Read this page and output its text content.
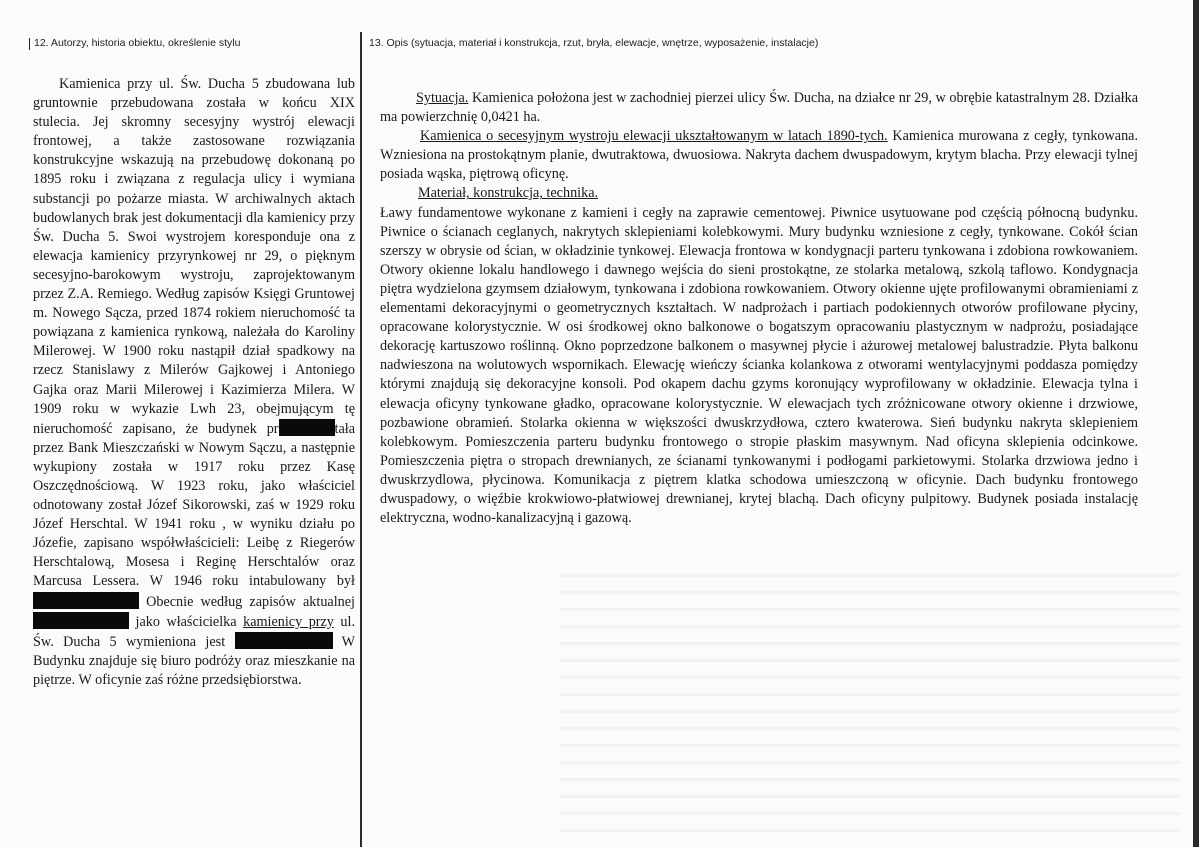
12. Autorzy, historia obiektu, określenie stylu	13. Opis (sytuacja, materiał i konstrukcja, rzut, bryła, elewacje, wnętrze, wyposażenie, instalacje)
Kamienica przy ul. Św. Ducha 5 zbudowana lub gruntownie przebudowana została w końcu XIX stulecia. Jej skromny secesyjny wystrój elewacji frontowej, a także zastosowane rozwiązania konstrukcyjne wskazują na przebudowę dokonaną po 1895 roku i związana z regulacja ulicy i wymiana substancji po pożarze miasta. W archiwalnych aktach budowlanych brak jest dokumentacji dla kamienicy przy Św. Ducha 5. Swoi wystrojem koresponduje ona z elewacja kamienicy przyrynkowej nr 29, o pięknym secesyjno-barokowym wystroju, zaprojektowanym przez Z.A. Remiego. Według zapisów Księgi Gruntowej m. Nowego Sącza, przed 1874 rokiem nieruchomość ta powiązana z kamienica rynkową, należała do Karoliny Milerowej. W 1900 roku nastąpił dział spadkowy na rzecz Stanislawy z Milerów Gajkowej i Antoniego Gajka oraz Marii Milerowej i Kazimierza Milera. W 1909 roku w wykazie Lwh 23, obejmującym tę nieruchomość zapisano, że budynek pr	tała przez Bank Mieszczański w Nowym Sączu, a następnie wykupiony została w 1917 roku przez Kasę Oszczędnościową. W 1923 roku, jako właściciel odnotowany został Józef Sikorowski, zaś w 1929 roku Józef Herschtal. W 1941 roku , w wyniku działu po Józefie, zapisano współwłaścicieli: Leibę z Riegerów Herschtalową, Mosesa i Reginę Herschtalów oraz Marcusa Lessera. W 1946 roku intabulowany był  Obecnie według zapisów aktualnej  jako właścicielka kamienicy przy ul. Św. Ducha 5 wymieniona jest	W Budynku znajduje się biuro podróży oraz mieszkanie na piętrze. W oficynie zaś różne przedsiębiorstwa.

Sytuacja. Kamienica położona jest w zachodniej pierzei ulicy Św. Ducha, na działce nr 29, w obrębie katastralnym 28. Działka ma powierzchnię 0,0421 ha.

Kamienica o secesyjnym wystroju elewacji ukształtowanym w latach 1890-tych. Kamienica murowana z cegły, tynkowana. Wzniesiona na prostokątnym planie, dwutraktowa, dwuosiowa. Nakryta dachem dwuspadowym, krytym blacha. Przy elewacji tylnej posiada wąska, piętrową oficynę.

Materiał, konstrukcja, technika.

Ławy fundamentowe wykonane z kamieni i cegły na zaprawie cementowej. Piwnice usytuowane pod częścią północną budynku. Piwnice o ścianach ceglanych, nakrytych sklepieniami kolebkowymi. Mury budynku wzniesione z cegły, tynkowane. Cokół ścian szerszy w obrysie od ścian, w okładzinie tynkowej. Elewacja frontowa w kondygnacji parteru tynkowana i zdobiona rowkowaniem. Otwory okienne lokalu handlowego i dawnego wejścia do sieni prostokątne, ze stolarka metalową, szkolą taflowo. Kondygnacja piętra wydzielona gzymsem działowym, tynkowana i zdobiona rowkowaniem. Otwory okienne ujęte profilowanymi obramieniami z elementami dekoracyjnymi o geometrycznych kształtach. W nadprożach i partiach podokiennych otworów profilowane płyciny, opracowane kolorystycznie. W osi środkowej okno balkonowe o bogatszym opracowaniu plastycznym w nadprożu, posiadające dekorację kartuszowo roślinną. Okno poprzedzone balkonem o masywnej płycie i ażurowej metalowej balustradzie. Płyta balkonu nadwieszona na wolutowych wspornikach. Elewację wieńczy ścianka kolankowa z otworami wentylacyjnymi poddasza pomiędzy którymi znajdują się dekoracyjne konsoli. Pod okapem dachu gzyms koronujący wyprofilowany w okładzinie. Elewacja tylna i elewacja oficyny tynkowane gładko, opracowane kolorystycznie. W elewacjach tych zróżnicowane otwory okienne i drzwiowe, pozbawione obramień. Stolarka okienna w większości dwuskrzydłowa, cztero kwaterowa. Sień budynku nakryta sklepieniem kolebkowym. Pomieszczenia parteru budynku frontowego o stropie płaskim masywnym. Nad oficyna sklepienia odcinkowe. Pomieszczenia piętra o stropach drewnianych, ze ścianami tynkowanymi i podłogami parkietowymi. Stolarka drzwiowa jedno i dwuskrzydlowa, płycinowa. Komunikacja z piętrem klatka schodowa umieszczoną w oficynie. Dach budynku frontowego dwuspadowy, o więźbie krokwiowo-płatwiowej drewnianej, krytej blachą. Dach oficyny pulpitowy. Budynek posiada instalację elektryczna, wodno-kanalizacyjną i gazową.
